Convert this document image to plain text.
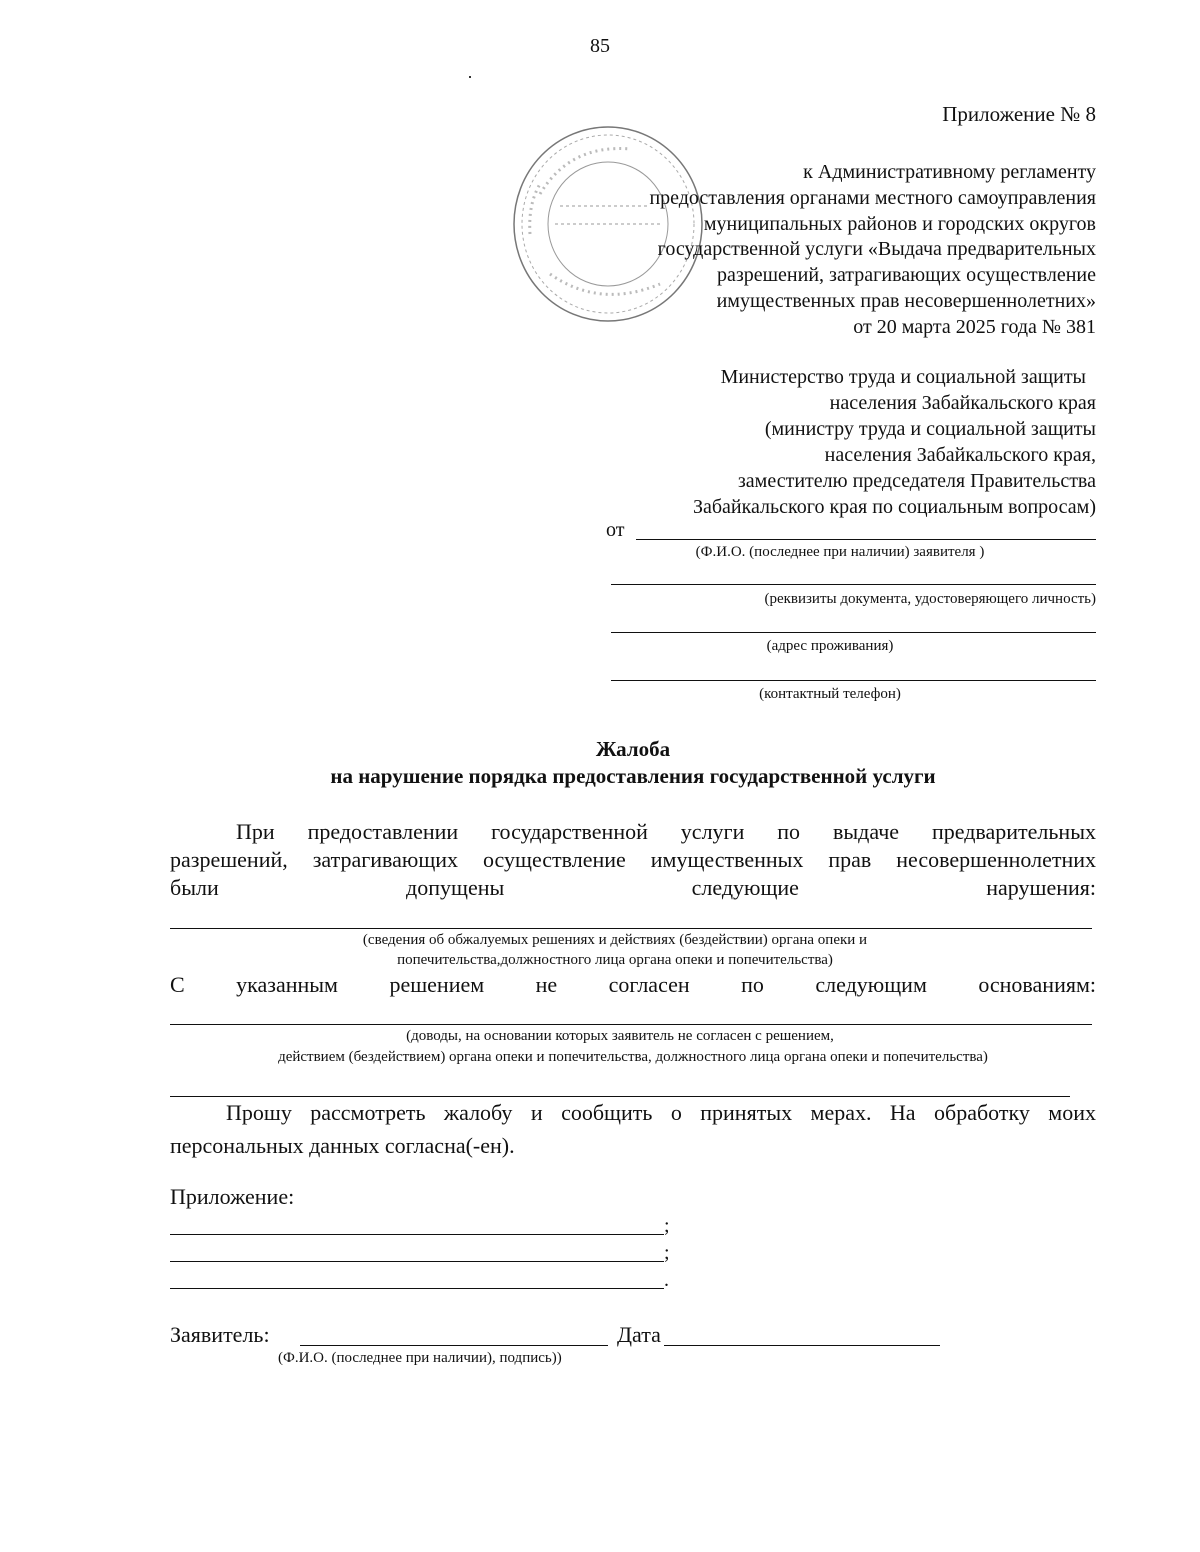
85
Приложение № 8
к Административному регламенту
предоставления органами местного самоуправления
муниципальных районов и городских округов
государственной услуги «Выдача предварительных
разрешений, затрагивающих осуществление
имущественных прав несовершеннолетних»
от 20 марта 2025 года № 381
Министерство труда и социальной защиты
населения Забайкальского края
(министру труда и социальной защиты
населения Забайкальского края,
заместителю председателя Правительства
Забайкальского края по социальным вопросам)
от
(Ф.И.О. (последнее при наличии) заявителя )
(реквизиты документа, удостоверяющего личность)
(адрес проживания)
(контактный телефон)
Жалоба
на нарушение порядка предоставления государственной услуги
При предоставлении государственной услуги по выдаче предварительных
разрешений, затрагивающих осуществление имущественных прав несовершеннолетних
были допущены следующие нарушения:
(сведения об обжалуемых решениях и действиях (бездействии) органа опеки и
попечительства,должностного лица органа опеки и попечительства)
С указанным решением не согласен по следующим основаниям:
(доводы, на основании которых заявитель не согласен с решением,
действием (бездействием) органа опеки и попечительства, должностного лица органа опеки и попечительства)
Прошу рассмотреть жалобу и сообщить о принятых мерах. На обработку моих
персональных данных согласна(-ен).
Приложение:
;
;
.
Заявитель:	Дата
(Ф.И.О. (последнее при наличии), подпись))
